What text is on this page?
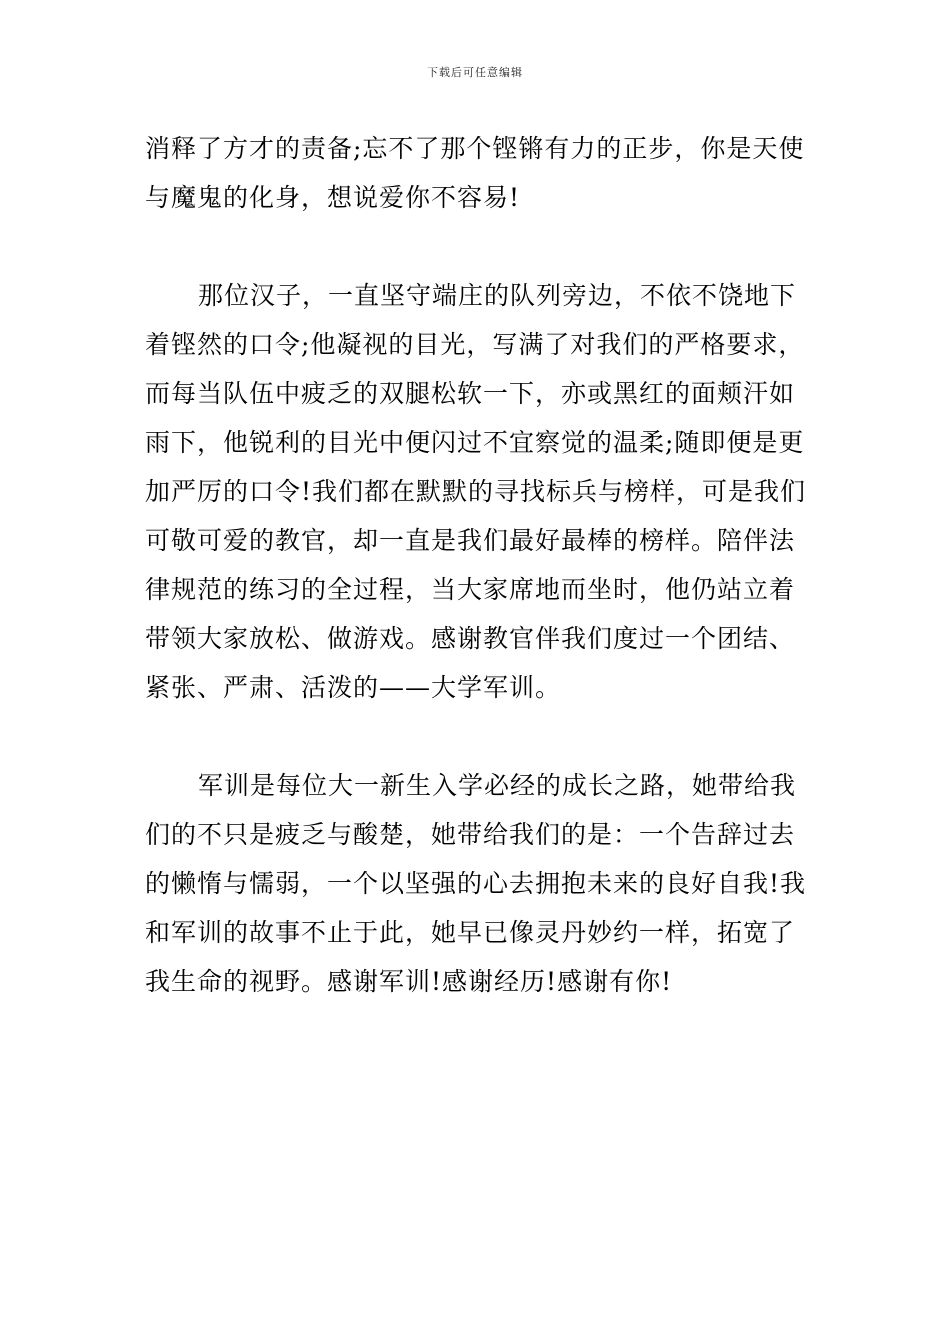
下载后可任意编辑
消释了方才的责备;忘不了那个铿锵有力的正步，你是天使
与魔鬼的化身，想说爱你不容易!
那位汉子，一直坚守端庄的队列旁边，不依不饶地下
着铿然的口令;他凝视的目光，写满了对我们的严格要求，
而每当队伍中疲乏的双腿松软一下，亦或黑红的面颊汗如
雨下，他锐利的目光中便闪过不宜察觉的温柔;随即便是更
加严厉的口令!我们都在默默的寻找标兵与榜样，可是我们
可敬可爱的教官，却一直是我们最好最棒的榜样。陪伴法
律规范的练习的全过程，当大家席地而坐时，他仍站立着
带领大家放松、做游戏。感谢教官伴我们度过一个团结、
紧张、严肃、活泼的——大学军训。
军训是每位大一新生入学必经的成长之路，她带给我
们的不只是疲乏与酸楚，她带给我们的是：一个告辞过去
的懒惰与懦弱，一个以坚强的心去拥抱未来的良好自我!我
和军训的故事不止于此，她早已像灵丹妙约一样，拓宽了
我生命的视野。感谢军训!感谢经历!感谢有你!
